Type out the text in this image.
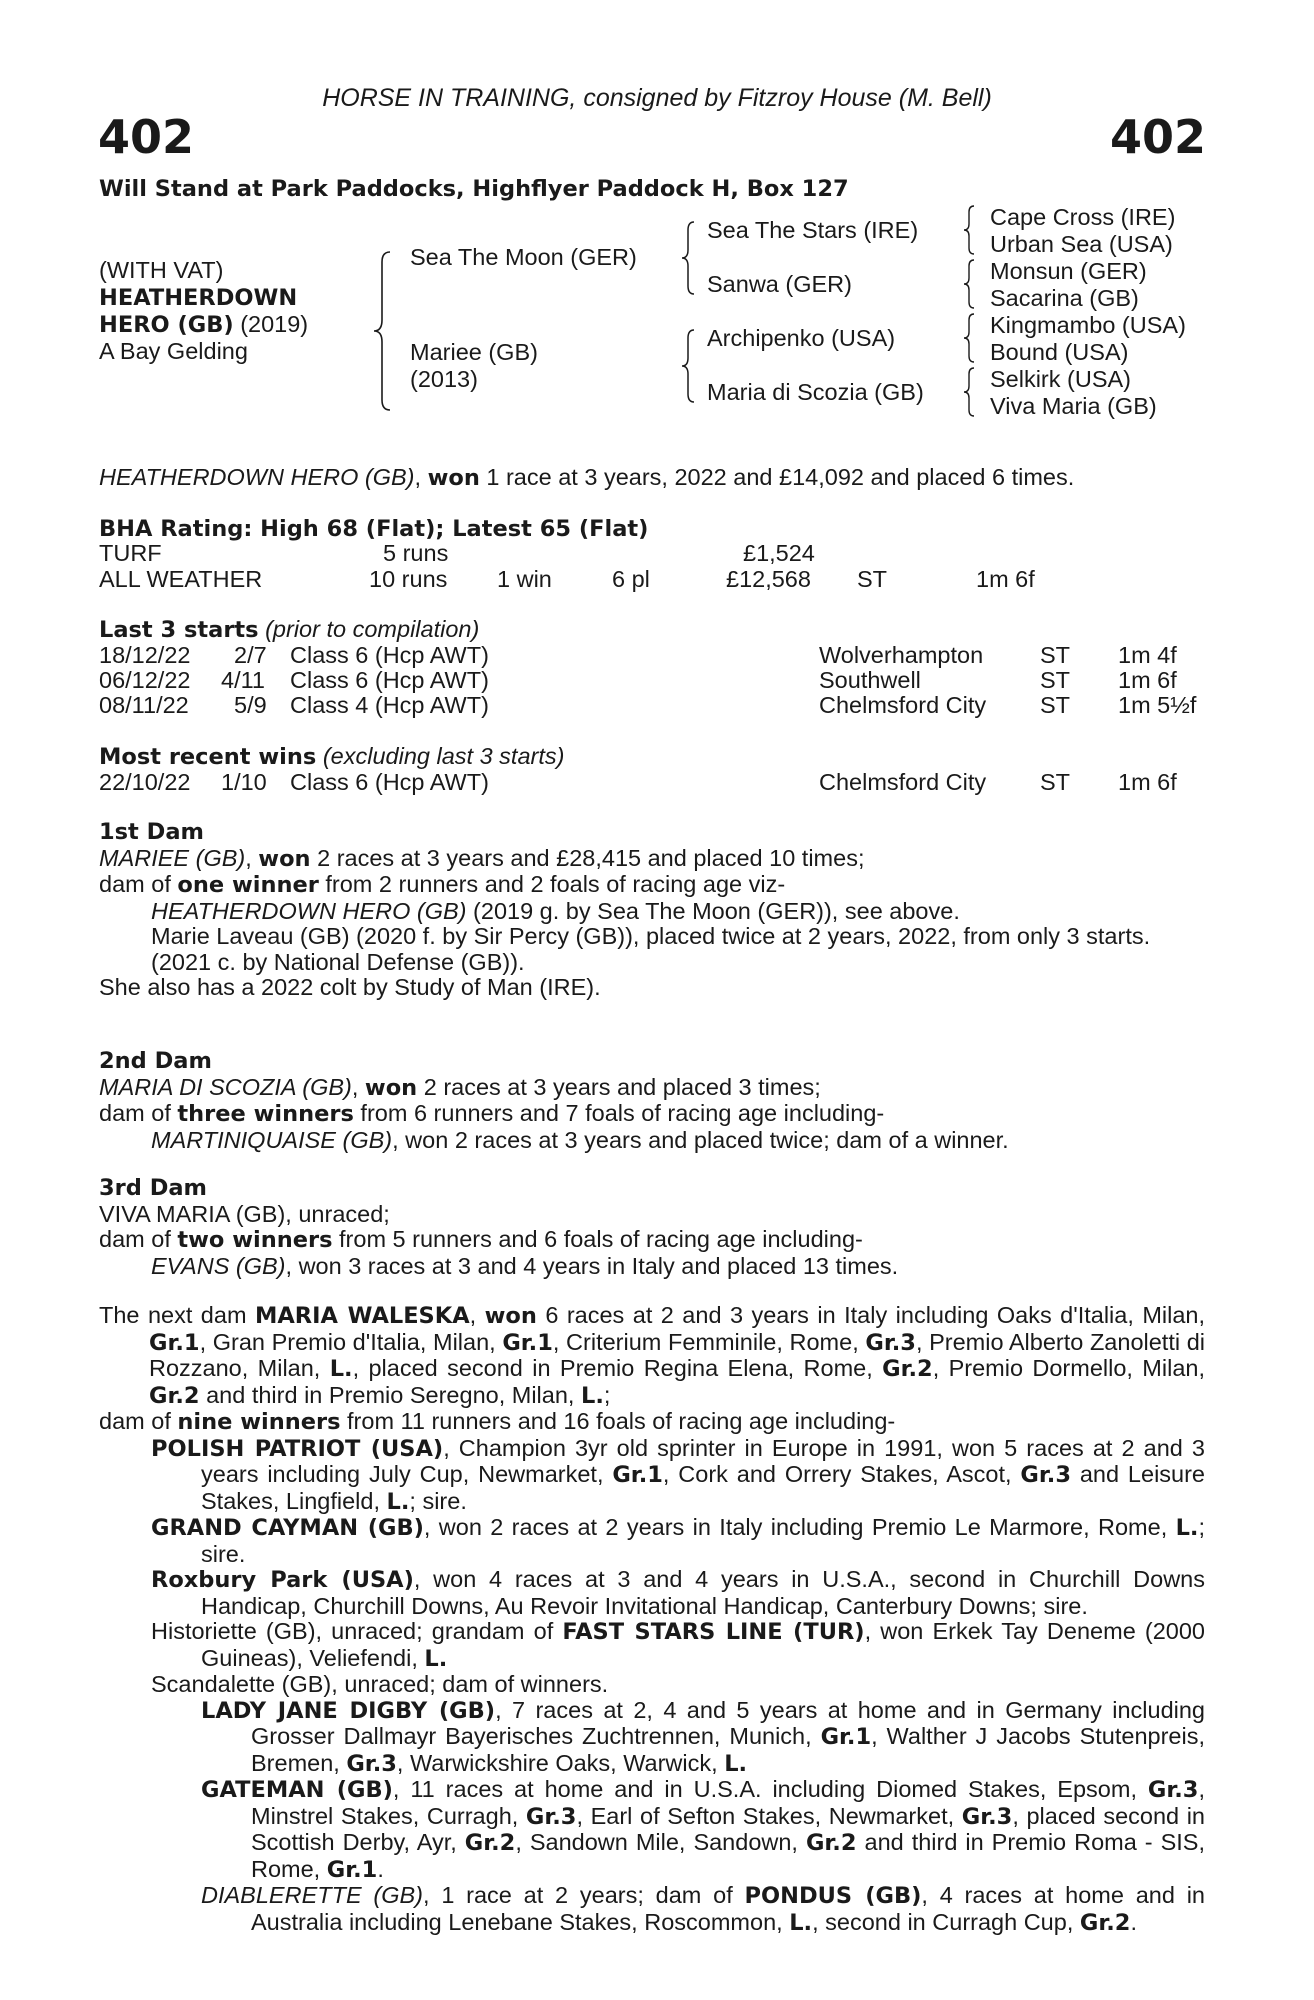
HORSE IN TRAINING, consigned by Fitzroy House (M. Bell)
402	402
Will Stand at Park Paddocks, Highflyer Paddock H, Box 127
(WITH VAT)
HEATHERDOWN
HERO (GB) (2019)
A Bay Gelding
Sea The Moon (GER)
Mariee (GB)
(2013)
Sea The Stars (IRE)
Sanwa (GER)
Archipenko (USA)
Maria di Scozia (GB)
Cape Cross (IRE)
Urban Sea (USA)
Monsun (GER)
Sacarina (GB)
Kingmambo (USA)
Bound (USA)
Selkirk (USA)
Viva Maria (GB)
HEATHERDOWN HERO (GB), won 1 race at 3 years, 2022 and £14,092 and placed 6 times.
BHA Rating: High 68 (Flat); Latest 65 (Flat)
TURF	5 runs	£1,524
ALL WEATHER	10 runs 1 win	6 pl	£12,568 ST	1m 6f
Last 3 starts (prior to compilation)
18/12/22 2/7 Class 6 (Hcp AWT)	Wolverhampton ST 1m 4f
06/12/22 4/11 Class 6 (Hcp AWT)	Southwell	ST 1m 6f
08/11/22 5/9 Class 4 (Hcp AWT)	Chelmsford City ST 1m 5½f
Most recent wins (excluding last 3 starts)
22/10/22 1/10 Class 6 (Hcp AWT)	Chelmsford City ST 1m 6f

1st Dam

MARIEE (GB), won 2 races at 3 years and £28,415 and placed 10 times;

dam of one winner from 2 runners and 2 foals of racing age viz-

HEATHERDOWN HERO (GB) (2019 g. by Sea The Moon (GER)), see above.

Marie Laveau (GB) (2020 f. by Sir Percy (GB)), placed twice at 2 years, 2022, from only 3 starts.

(2021 c. by National Defense (GB)).

She also has a 2022 colt by Study of Man (IRE).

2nd Dam

MARIA DI SCOZIA (GB), won 2 races at 3 years and placed 3 times;

dam of three winners from 6 runners and 7 foals of racing age including-

MARTINIQUAISE (GB), won 2 races at 3 years and placed twice; dam of a winner.

3rd Dam

VIVA MARIA (GB), unraced;

dam of two winners from 5 runners and 6 foals of racing age including-

EVANS (GB), won 3 races at 3 and 4 years in Italy and placed 13 times.

The next dam MARIA WALESKA, won 6 races at 2 and 3 years in Italy including Oaks d'Italia, Milan, Gr.1, Gran Premio d'Italia, Milan, Gr.1, Criterium Femminile, Rome, Gr.3, Premio Alberto Zanoletti di Rozzano, Milan, L., placed second in Premio Regina Elena, Rome, Gr.2, Premio Dormello, Milan, Gr.2 and third in Premio Seregno, Milan, L.;

dam of nine winners from 11 runners and 16 foals of racing age including-

POLISH PATRIOT (USA), Champion 3yr old sprinter in Europe in 1991, won 5 races at 2 and 3 years including July Cup, Newmarket, Gr.1, Cork and Orrery Stakes, Ascot, Gr.3 and Leisure Stakes, Lingfield, L.; sire.

GRAND CAYMAN (GB), won 2 races at 2 years in Italy including Premio Le Marmore, Rome, L.; sire.

Roxbury Park (USA), won 4 races at 3 and 4 years in U.S.A., second in Churchill Downs Handicap, Churchill Downs, Au Revoir Invitational Handicap, Canterbury Downs; sire.

Historiette (GB), unraced; grandam of FAST STARS LINE (TUR), won Erkek Tay Deneme (2000 Guineas), Veliefendi, L.

Scandalette (GB), unraced; dam of winners.

LADY JANE DIGBY (GB), 7 races at 2, 4 and 5 years at home and in Germany including Grosser Dallmayr Bayerisches Zuchtrennen, Munich, Gr.1, Walther J Jacobs Stutenpreis, Bremen, Gr.3, Warwickshire Oaks, Warwick, L.

GATEMAN (GB), 11 races at home and in U.S.A. including Diomed Stakes, Epsom, Gr.3, Minstrel Stakes, Curragh, Gr.3, Earl of Sefton Stakes, Newmarket, Gr.3, placed second in Scottish Derby, Ayr, Gr.2, Sandown Mile, Sandown, Gr.2 and third in Premio Roma - SIS, Rome, Gr.1.

DIABLERETTE (GB), 1 race at 2 years; dam of PONDUS (GB), 4 races at home and in Australia including Lenebane Stakes, Roscommon, L., second in Curragh Cup, Gr.2.
